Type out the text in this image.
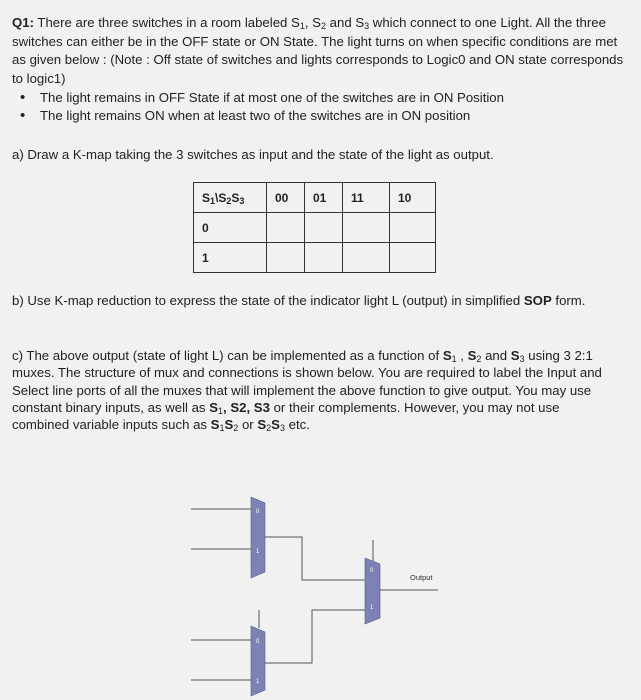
Q1: There are three switches in a room labeled $S_1$, $S_2$ and $S_3$ which connect to one Light. All the three switches can either be in the OFF state or ON State. The light turns on when specific conditions are met as given below : (Note : Off state of switches and lights corresponds to Logic0 and ON state corresponds to logic1)
• The light remains in OFF State if at most one of the switches are in ON Position
• The light remains ON when at least two of the switches are in ON position
a) Draw a K-map taking the 3 switches as input and the state of the light as output.
$S_1\backslash S_2S_3$	00	01	11	10
0				
1				
b) Use K-map reduction to express the state of the indicator light L (output) in simplified SOP form.
c) The above output (state of light L) can be implemented as a function of $S_1$ , $S_2$ and $S_3$ using 3 2:1 muxes. The structure of mux and connections is shown below. You are required to label the Input and Select line ports of all the muxes that will implement the above function to give output. You may use constant binary inputs, as well as $S_1$, S2, S3 or their complements. However, you may not use combined variable inputs such as $S_1S_2$ or $S_2S_3$ etc.
0
1
0
1
0
1
Output
